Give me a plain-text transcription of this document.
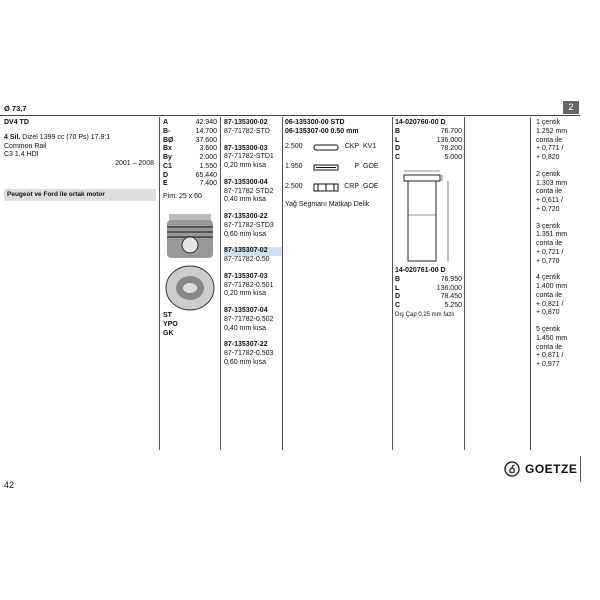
Ø 73,7	2
DV4 TD
4 Sil. Dizel 1399 cc (70 Ps) 17.9:1
Common Rail
C3 1.4 HDI
2001 – 2008
Peugeot ve Ford ile ortak motor
A	42.940
B-	14.700
BØ	37.600
Bx	3.600
By	2.000
C1	1.550
D	65.440
E	7.400
Pim: 25 x 60
ST
YPO
GK
87-135300-02
87-71782-STD
87-135300-03
87-71782-STD1
0,20 mm kısa
87-135300-04
87-71782 STD2
0,40 mm kısa
87-135300-22
87-71782-STD3
0,60 mm kısa
87-135307-02
87-71782-0.50
87-135307-03
87-71782-0.501
0,20 mm kısa
87-135307-04
87-71782-0.502
0,40 mm kısa
87-135307-22
87-71782-0.503
0,60 mm kısa
06-135300-00 STD
06-135307-00 0.50 mm
2.500	CKP KV1
1.950	P GOE
2.500	CRP GOE
Yağ Segmanı Matkap Delik
14-020760-00 D
B	76.700
L	136.000
D	78.200
C	5.000
14-020761-00 D
B	76.950
L	136.000
D	78.450
C	5.250
Dış Çap 0.25 mm fazlı
1 çentik
1.252 mm
conta ile
+ 0,771 /
+ 0,820
2 çentik
1.303 mm
conta ile
+ 0,611 /
+ 0,720
3 çentik
1.351 mm
conta ile
+ 0,721 /
+ 0,770
4 çentik
1.400 mm
conta ile
+ 0,821 /
+ 0,870
5 çentik
1.450 mm
conta ile
+ 0,871 /
+ 0,977
42
GOETZE
